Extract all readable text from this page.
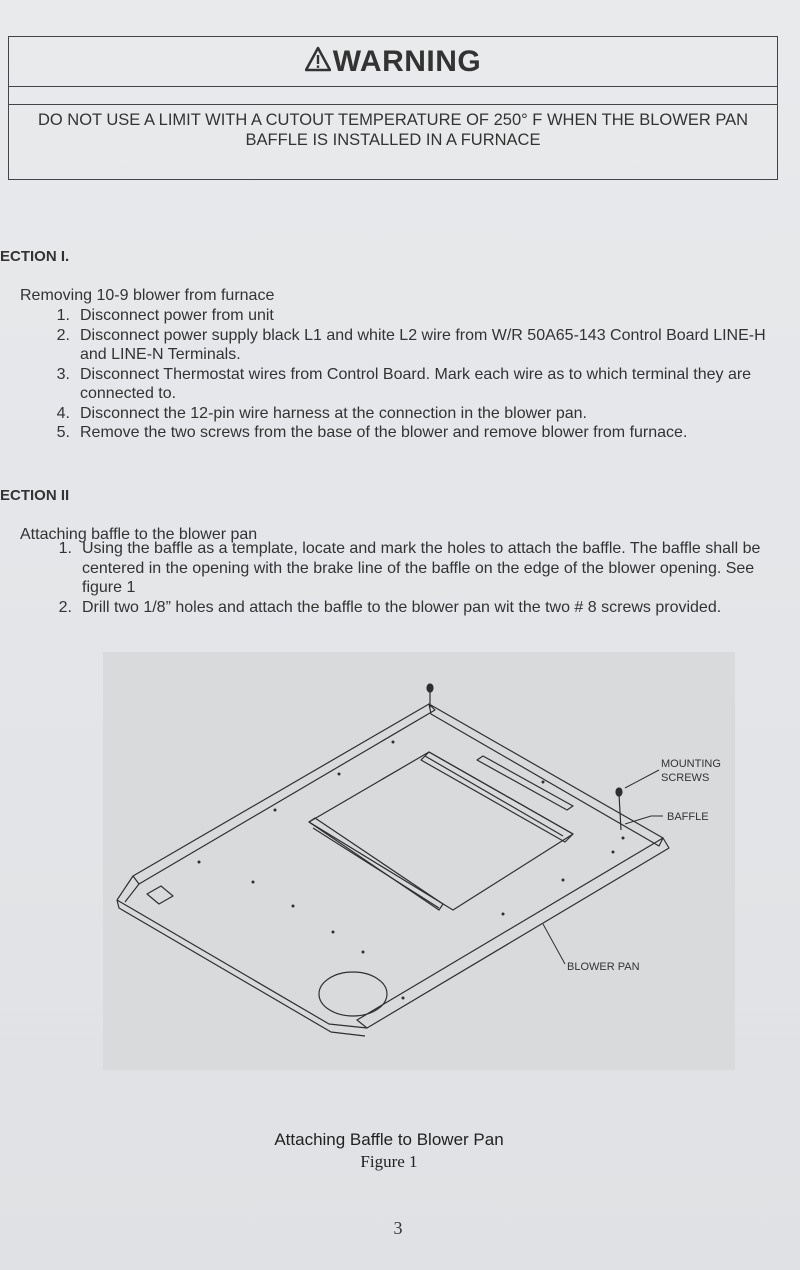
WARNING
DO NOT USE A LIMIT WITH A CUTOUT TEMPERATURE OF 250° F WHEN THE BLOWER PAN BAFFLE IS INSTALLED IN A FURNACE
ECTION I.
Removing 10-9 blower from furnace
1. Disconnect power from unit
2. Disconnect power supply black L1 and white L2 wire from W/R 50A65-143 Control Board LINE-H and LINE-N Terminals.
3. Disconnect Thermostat wires from Control Board. Mark each wire as to which terminal they are connected to.
4. Disconnect the 12-pin wire harness at the connection in the blower pan.
5. Remove the two screws from the base of the blower and remove blower from furnace.
ECTION II
Attaching baffle to the blower pan
1. Using the baffle as a template, locate and mark the holes to attach the baffle. The baffle shall be centered in the opening with the brake line of the baffle on the edge of the blower opening. See figure 1
2. Drill two 1/8” holes and attach the baffle to the blower pan wit the two # 8 screws provided.
MOUNTING
SCREWS
BAFFLE
BLOWER PAN
Attaching Baffle to Blower Pan
Figure 1
3
